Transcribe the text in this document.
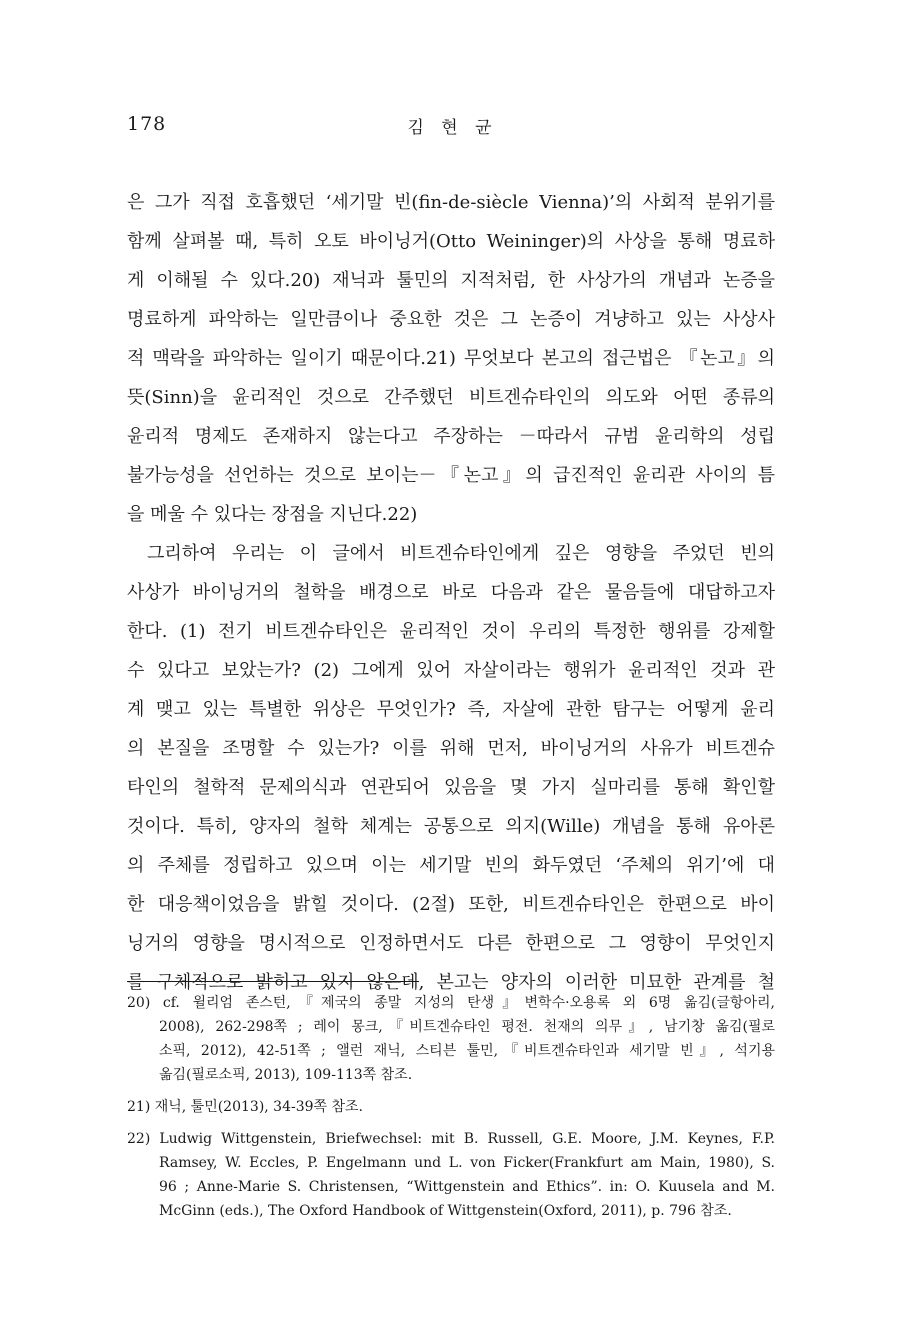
178	김 현 균
은 그가 직접 호흡했던 ‘세기말 빈(fin-de-siècle Vienna)’의 사회적 분위기를
함께 살펴볼 때, 특히 오토 바이닝거(Otto Weininger)의 사상을 통해 명료하
게 이해될 수 있다.20) 재닉과 툴민의 지적처럼, 한 사상가의 개념과 논증을
명료하게 파악하는 일만큼이나 중요한 것은 그 논증이 겨냥하고 있는 사상사
적 맥락을 파악하는 일이기 때문이다.21) 무엇보다 본고의 접근법은 『논고』의
뜻(Sinn)을 윤리적인 것으로 간주했던 비트겐슈타인의 의도와 어떤 종류의
윤리적 명제도 존재하지 않는다고 주장하는 －따라서 규범 윤리학의 성립
불가능성을 선언하는 것으로 보이는－『논고』의 급진적인 윤리관 사이의 틈
을 메울 수 있다는 장점을 지닌다.22)
그리하여 우리는 이 글에서 비트겐슈타인에게 깊은 영향을 주었던 빈의
사상가 바이닝거의 철학을 배경으로 바로 다음과 같은 물음들에 대답하고자
한다. (1) 전기 비트겐슈타인은 윤리적인 것이 우리의 특정한 행위를 강제할
수 있다고 보았는가? (2) 그에게 있어 자살이라는 행위가 윤리적인 것과 관
계 맺고 있는 특별한 위상은 무엇인가? 즉, 자살에 관한 탐구는 어떻게 윤리
의 본질을 조명할 수 있는가? 이를 위해 먼저, 바이닝거의 사유가 비트겐슈
타인의 철학적 문제의식과 연관되어 있음을 몇 가지 실마리를 통해 확인할
것이다. 특히, 양자의 철학 체계는 공통으로 의지(Wille) 개념을 통해 유아론
의 주체를 정립하고 있으며 이는 세기말 빈의 화두였던 ‘주체의 위기’에 대
한 대응책이었음을 밝힐 것이다. (2절) 또한, 비트겐슈타인은 한편으로 바이
닝거의 영향을 명시적으로 인정하면서도 다른 한편으로 그 영향이 무엇인지
를 구체적으로 밝히고 있지 않은데, 본고는 양자의 이러한 미묘한 관계를 철
20) cf. 윌리엄 존스턴,『제국의 종말 지성의 탄생』변학수·오용록 외 6명 옮김(글항아리,
2008), 262-298쪽 ; 레이 몽크,『비트겐슈타인 평전. 천재의 의무』, 남기창 옮김(필로
소픽, 2012), 42-51쪽 ; 앨런 재닉, 스티븐 툴민,『비트겐슈타인과 세기말 빈』, 석기용
옮김(필로소픽, 2013), 109-113쪽 참조.
21) 재닉, 툴민(2013), 34-39쪽 참조.
22) Ludwig Wittgenstein, Briefwechsel: mit B. Russell, G.E. Moore, J.M. Keynes, F.P.
Ramsey, W. Eccles, P. Engelmann und L. von Ficker(Frankfurt am Main, 1980), S.
96 ; Anne-Marie S. Christensen, “Wittgenstein and Ethics”. in: O. Kuusela and M.
McGinn (eds.), The Oxford Handbook of Wittgenstein(Oxford, 2011), p. 796 참조.
